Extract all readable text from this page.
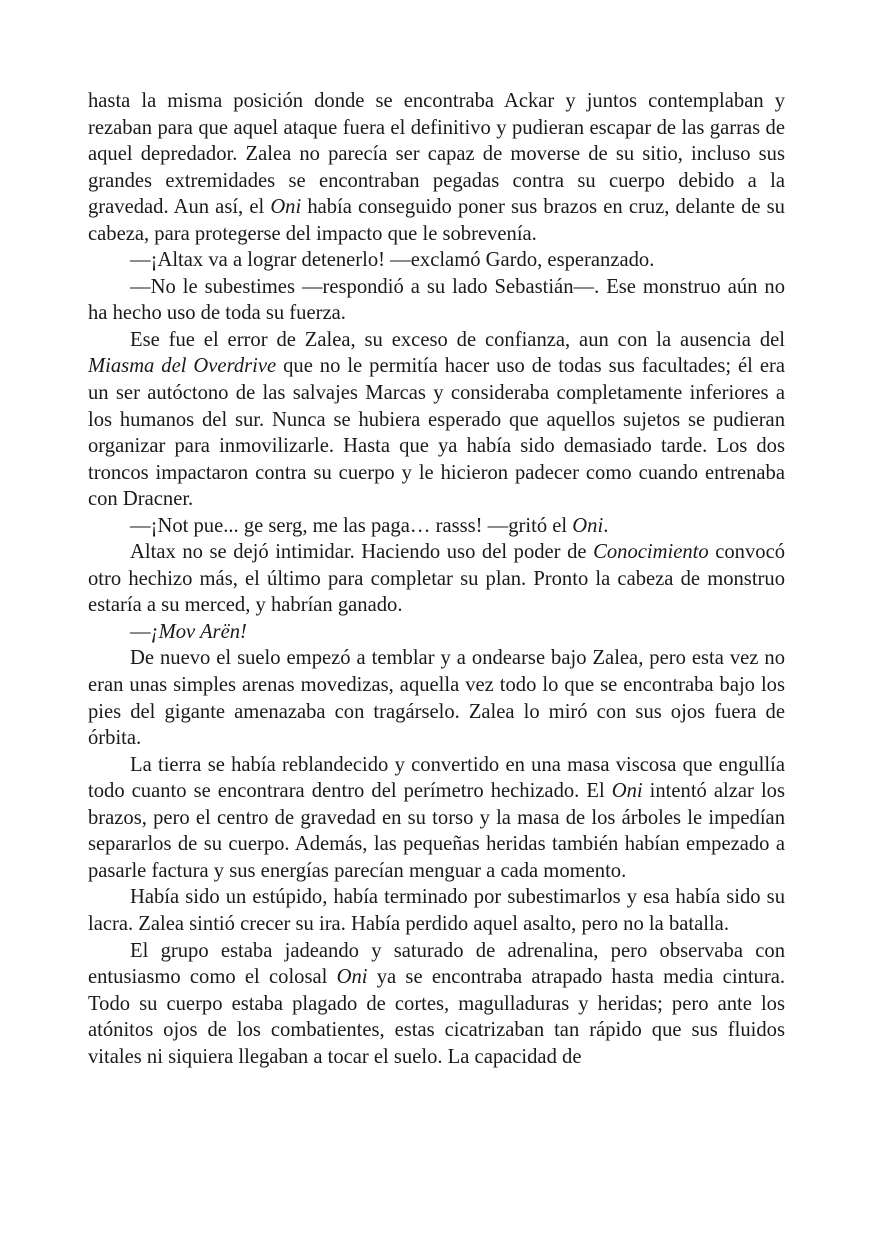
hasta la misma posición donde se encontraba Ackar y juntos contemplaban y rezaban para que aquel ataque fuera el definitivo y pudieran escapar de las garras de aquel depredador. Zalea no parecía ser capaz de moverse de su sitio, incluso sus grandes extremidades se encontraban pegadas contra su cuerpo debido a la gravedad. Aun así, el Oni había conseguido poner sus brazos en cruz, delante de su cabeza, para protegerse del impacto que le sobrevenía.

—¡Altax va a lograr detenerlo! —exclamó Gardo, esperanzado.

—No le subestimes —respondió a su lado Sebastián—. Ese monstruo aún no ha hecho uso de toda su fuerza.

Ese fue el error de Zalea, su exceso de confianza, aun con la ausencia del Miasma del Overdrive que no le permitía hacer uso de todas sus facultades; él era un ser autóctono de las salvajes Marcas y consideraba completamente inferiores a los humanos del sur. Nunca se hubiera esperado que aquellos sujetos se pudieran organizar para inmovilizarle. Hasta que ya había sido demasiado tarde. Los dos troncos impactaron contra su cuerpo y le hicieron padecer como cuando entrenaba con Dracner.

—¡Not pue... ge serg, me las paga… rasss! —gritó el Oni.

Altax no se dejó intimidar. Haciendo uso del poder de Conocimiento convocó otro hechizo más, el último para completar su plan. Pronto la cabeza de monstruo estaría a su merced, y habrían ganado.

—¡Mov Arën!

De nuevo el suelo empezó a temblar y a ondearse bajo Zalea, pero esta vez no eran unas simples arenas movedizas, aquella vez todo lo que se encontraba bajo los pies del gigante amenazaba con tragárselo. Zalea lo miró con sus ojos fuera de órbita.

La tierra se había reblandecido y convertido en una masa viscosa que engullía todo cuanto se encontrara dentro del perímetro hechizado. El Oni intentó alzar los brazos, pero el centro de gravedad en su torso y la masa de los árboles le impedían separarlos de su cuerpo. Además, las pequeñas heridas también habían empezado a pasarle factura y sus energías parecían menguar a cada momento.

Había sido un estúpido, había terminado por subestimarlos y esa había sido su lacra. Zalea sintió crecer su ira. Había perdido aquel asalto, pero no la batalla.

El grupo estaba jadeando y saturado de adrenalina, pero observaba con entusiasmo como el colosal Oni ya se encontraba atrapado hasta media cintura. Todo su cuerpo estaba plagado de cortes, magulladuras y heridas; pero ante los atónitos ojos de los combatientes, estas cicatrizaban tan rápido que sus fluidos vitales ni siquiera llegaban a tocar el suelo. La capacidad de
